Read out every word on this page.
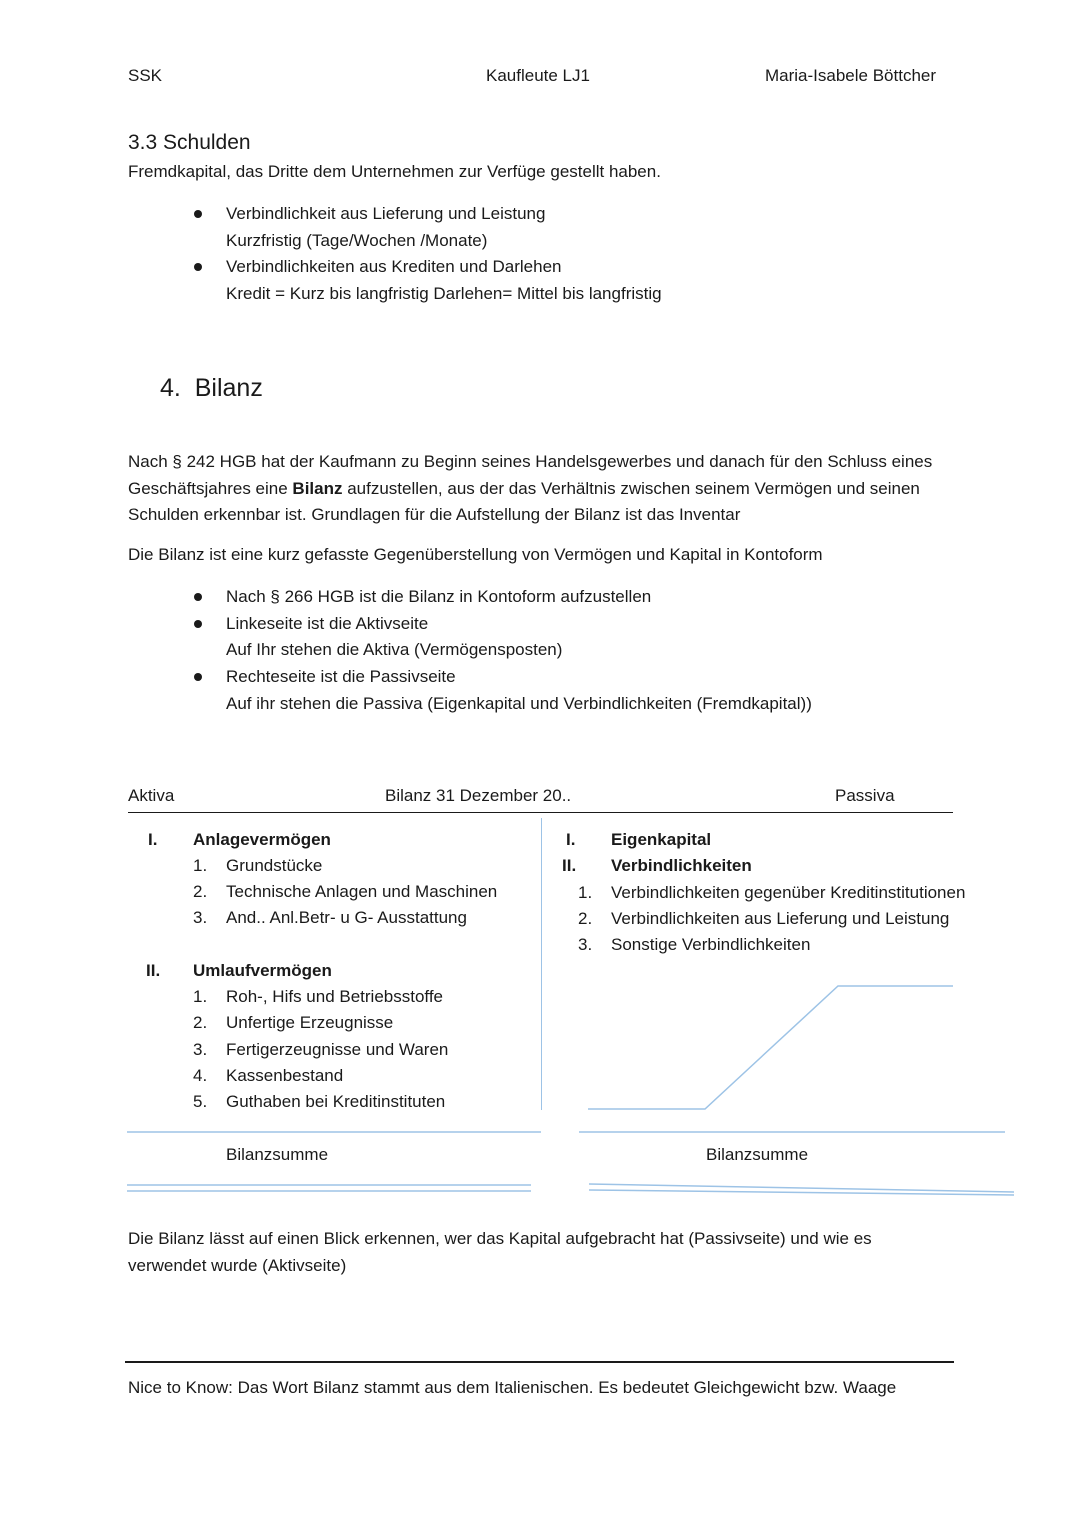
SSK	Kaufleute LJ1	Maria-Isabele Böttcher
3.3 Schulden
Fremdkapital, das Dritte dem Unternehmen zur Verfüge gestellt haben.
Verbindlichkeit aus Lieferung und Leistung
Kurzfristig (Tage/Wochen /Monate)
Verbindlichkeiten aus Krediten und Darlehen
Kredit = Kurz bis langfristig Darlehen= Mittel bis langfristig
4.  Bilanz
Nach § 242 HGB hat der Kaufmann zu Beginn seines Handelsgewerbes und danach für den Schluss eines Geschäftsjahres eine Bilanz aufzustellen, aus der das Verhältnis zwischen seinem Vermögen und seinen Schulden erkennbar ist. Grundlagen für die Aufstellung der Bilanz ist das Inventar
Die Bilanz ist eine kurz gefasste Gegenüberstellung von Vermögen und Kapital in Kontoform
Nach § 266 HGB ist die Bilanz in Kontoform aufzustellen
Linkeseite ist die Aktivseite
Auf Ihr stehen die Aktiva (Vermögensposten)
Rechteseite ist die Passivseite
Auf ihr stehen die Passiva (Eigenkapital und Verbindlichkeiten (Fremdkapital))
Aktiva	Bilanz 31 Dezember 20..	Passiva
I. Anlagevermögen
1. Grundstücke
2. Technische Anlagen und Maschinen
3. And.. Anl.Betr- u G- Ausstattung
II. Umlaufvermögen
1. Roh-, Hifs und Betriebsstoffe
2. Unfertige Erzeugnisse
3. Fertigerzeugnisse und Waren
4. Kassenbestand
5. Guthaben bei Kreditinstituten
I. Eigenkapital
II. Verbindlichkeiten
1. Verbindlichkeiten gegenüber Kreditinstitutionen
2. Verbindlichkeiten aus Lieferung und Leistung
3. Sonstige Verbindlichkeiten
Bilanzsumme	Bilanzsumme
Die Bilanz lässt auf einen Blick erkennen, wer das Kapital aufgebracht hat (Passivseite) und wie es verwendet wurde (Aktivseite)
Nice to Know: Das Wort Bilanz stammt aus dem Italienischen. Es bedeutet Gleichgewicht bzw. Waage
